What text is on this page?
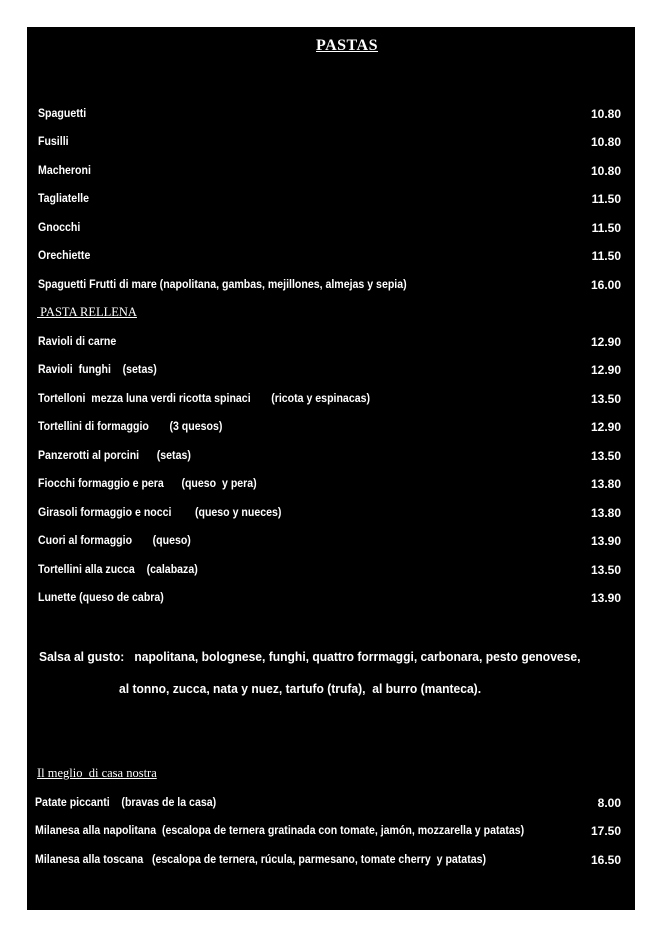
PASTAS
Spaguetti	10.80
Fusilli	10.80
Macheroni	10.80
Tagliatelle	11.50
Gnocchi	11.50
Orechiette	11.50
Spaguetti Frutti di mare (napolitana, gambas, mejillones, almejas y sepia)	16.00
PASTA RELLENA
Ravioli di carne	12.90
Ravioli  funghi    (setas)	12.90
Tortelloni  mezza luna verdi ricotta spinaci       (ricota y espinacas)	13.50
Tortellini di formaggio       (3 quesos)	12.90
Panzerotti al porcini      (setas)	13.50
Fiocchi formaggio e pera      (queso  y pera)	13.80
Girasoli formaggio e nocci        (queso y nueces)	13.80
Cuori al formaggio       (queso)	13.90
Tortellini alla zucca    (calabaza)	13.50
Lunette (queso de cabra)	13.90
Salsa al gusto:   napolitana, bolognese, funghi, quattro forrmaggi, carbonara, pesto genovese,
al tonno, zucca, nata y nuez, tartufo (trufa),  al burro (manteca).
Il meglio  di casa nostra
Patate piccanti    (bravas de la casa)	8.00
Milanesa alla napolitana  (escalopa de ternera gratinada con tomate, jamón, mozzarella y patatas)	17.50
Milanesa alla toscana   (escalopa de ternera, rúcula, parmesano, tomate cherry  y patatas)	16.50
